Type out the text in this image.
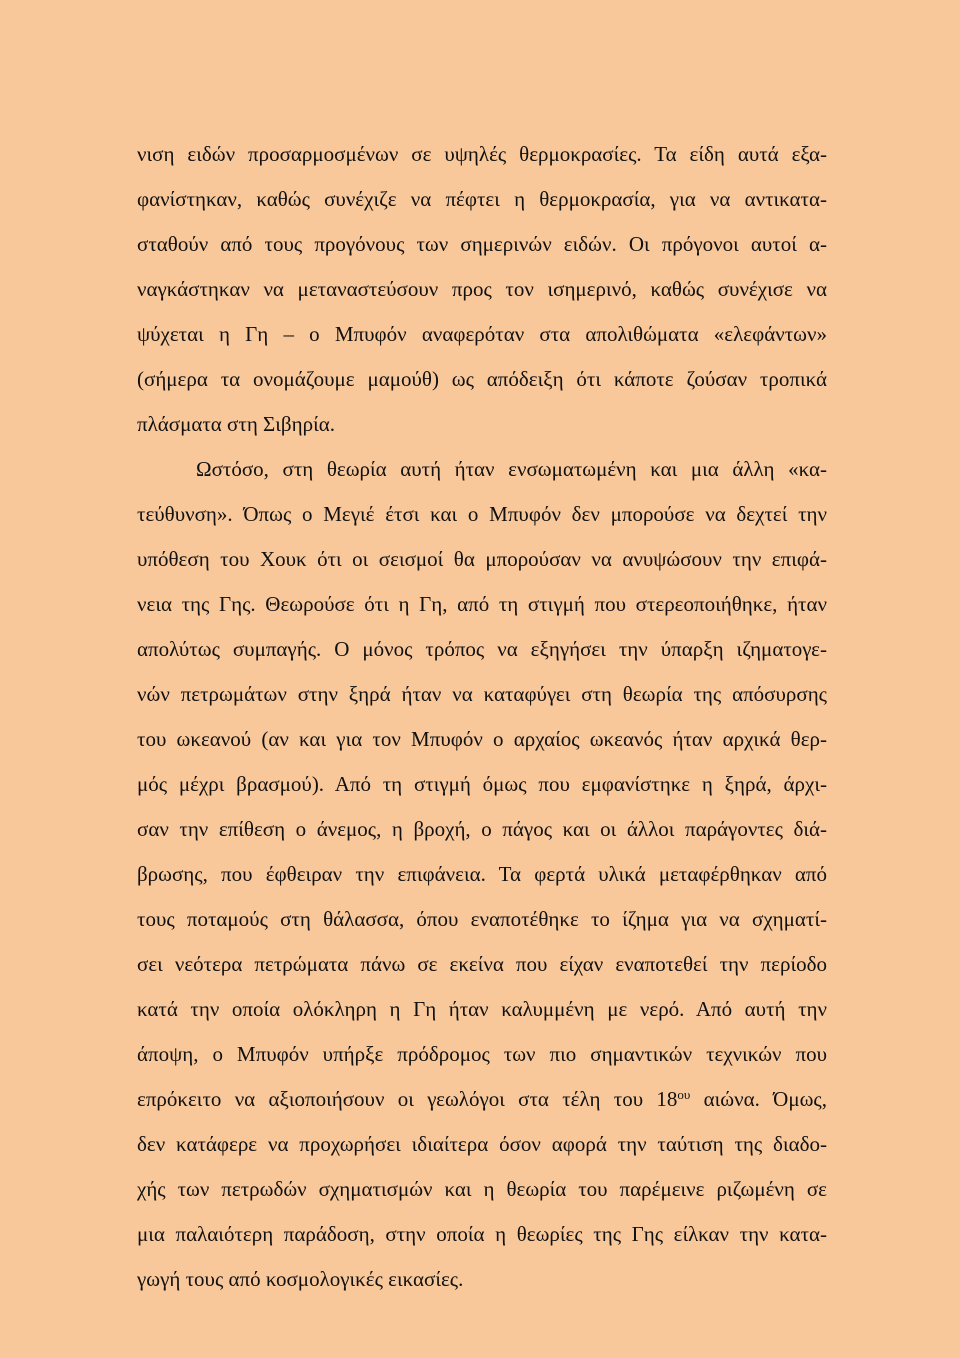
νιση ειδών προσαρμοσμένων σε υψηλές θερμοκρασίες. Τα είδη αυτά εξα-
φανίστηκαν, καθώς συνέχιζε να πέφτει η θερμοκρασία, για να αντικατα-
σταθούν από τους προγόνους των σημερινών ειδών. Οι πρόγονοι αυτοί α-
ναγκάστηκαν να μεταναστεύσουν προς τον ισημερινό, καθώς συνέχισε να
ψύχεται η Γη – ο Μπυφόν αναφερόταν στα απολιθώματα «ελεφάντων»
(σήμερα τα ονομάζουμε μαμούθ) ως απόδειξη ότι κάποτε ζούσαν τροπικά
πλάσματα στη Σιβηρία.
Ωστόσο, στη θεωρία αυτή ήταν ενσωματωμένη και μια άλλη «κα-
τεύθυνση». Όπως ο Μεγιέ έτσι και ο Μπυφόν δεν μπορούσε να δεχτεί την
υπόθεση του Χουκ ότι οι σεισμοί θα μπορούσαν να ανυψώσουν την επιφά-
νεια της Γης. Θεωρούσε ότι η Γη, από τη στιγμή που στερεοποιήθηκε, ήταν
απολύτως συμπαγής. Ο μόνος τρόπος να εξηγήσει την ύπαρξη ιζηματογε-
νών πετρωμάτων στην ξηρά ήταν να καταφύγει στη θεωρία της απόσυρσης
του ωκεανού (αν και για τον Μπυφόν ο αρχαίος ωκεανός ήταν αρχικά θερ-
μός μέχρι βρασμού). Από τη στιγμή όμως που εμφανίστηκε η ξηρά, άρχι-
σαν την επίθεση ο άνεμος, η βροχή, ο πάγος και οι άλλοι παράγοντες διά-
βρωσης, που έφθειραν την επιφάνεια. Τα φερτά υλικά μεταφέρθηκαν από
τους ποταμούς στη θάλασσα, όπου εναποτέθηκε το ίζημα για να σχηματί-
σει νεότερα πετρώματα πάνω σε εκείνα που είχαν εναποτεθεί την περίοδο
κατά την οποία ολόκληρη η Γη ήταν καλυμμένη με νερό. Από αυτή την
άποψη, ο Μπυφόν υπήρξε πρόδρομος των πιο σημαντικών τεχνικών που
επρόκειτο να αξιοποιήσουν οι γεωλόγοι στα τέλη του $18^{o\upsilon}$ αιώνα. Όμως,
δεν κατάφερε να προχωρήσει ιδιαίτερα όσον αφορά την ταύτιση της διαδο-
χής των πετρωδών σχηματισμών και η θεωρία του παρέμεινε ριζωμένη σε
μια παλαιότερη παράδοση, στην οποία η θεωρίες της Γης είλκαν την κατα-
γωγή τους από κοσμολογικές εικασίες.
